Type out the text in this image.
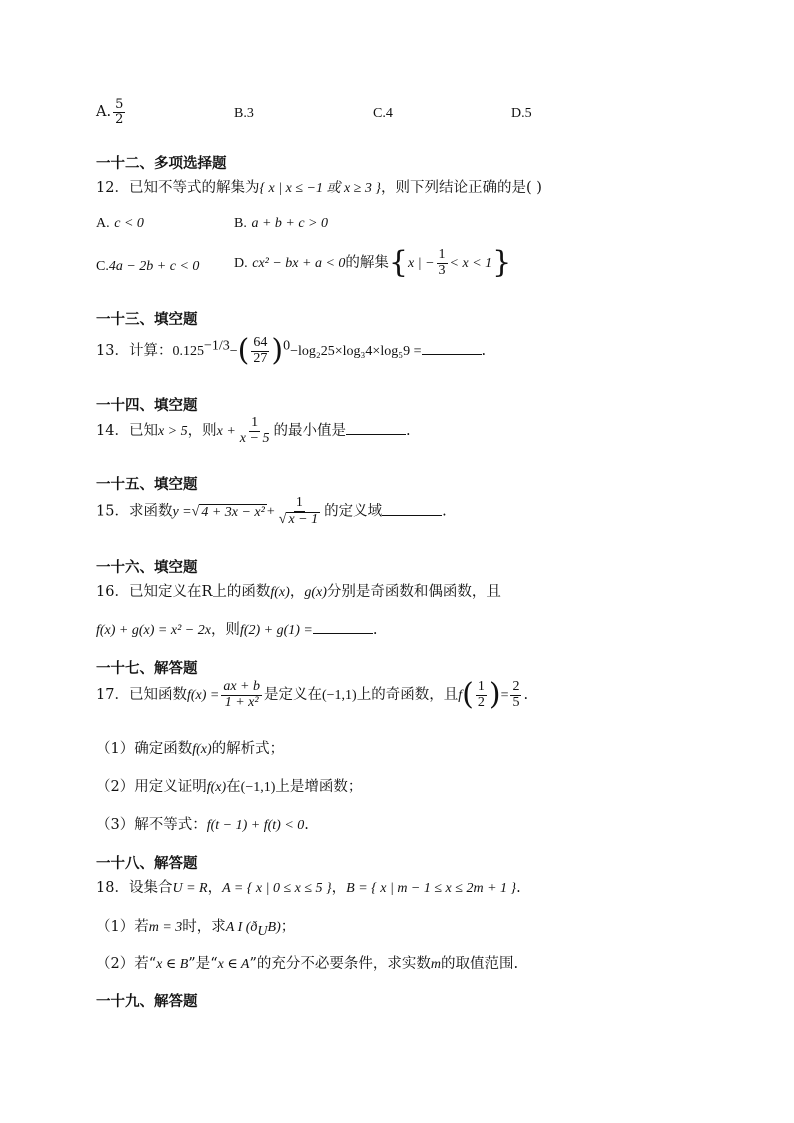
A. $\frac{5}{2}$	B.3	C.4	D.5
一十二、多项选择题
12．已知不等式的解集为{ x | x ≤ −1 或 x ≥ 3 }，则下列结论正确的是( )
A. c < 0	B. a + b + c > 0
C.4a − 2b + c < 0 D. cx² − bx + a < 0的解集{x | − $\frac{1}{3} < x < 1$}
一十三、填空题
13．计算：$0.125^{-1/3}-( \frac{64}{27} )^0-\log_225\times\log_34\times\log_59$ =	.
一十四、填空题
14．已知x > 5，则$x + \frac{1}{x - 5}$ 的最小值是	.
一十五、填空题
15．求函数y =√ $4 + 3x - x^2 + \frac{1}{√ x - 1}$ 的定义域	.
一十六、填空题
16．已知定义在R上的函数f(x)，g(x)分别是奇函数和偶函数，且
f(x) + g(x) = x² − 2x，则f(2) + g(1) =	.
一十七、解答题
17．已知函数$f(x) = \frac{ax + b}{\text{1 + x²}}$ 是定义在(−1,1)上的奇函数，且$f( \frac{1}{2}$ )= $\frac{2}{5}$ .
（1）确定函数f(x)的解析式；
（2）用定义证明f(x)在(−1,1)上是增函数；
（3）解不等式：f(t − 1) + f(t) < 0.
一十八、解答题
18．设集合U = R，A = { x | 0 ≤ x ≤ 5 }，B = { x | m − 1 ≤ x ≤ 2m + 1 }.
（1）若m = 3时，求A I $(ð_UB)$；
（2）若“x ∈ B”是“x ∈ A”的充分不必要条件，求实数m的取值范围.
一十九、解答题
